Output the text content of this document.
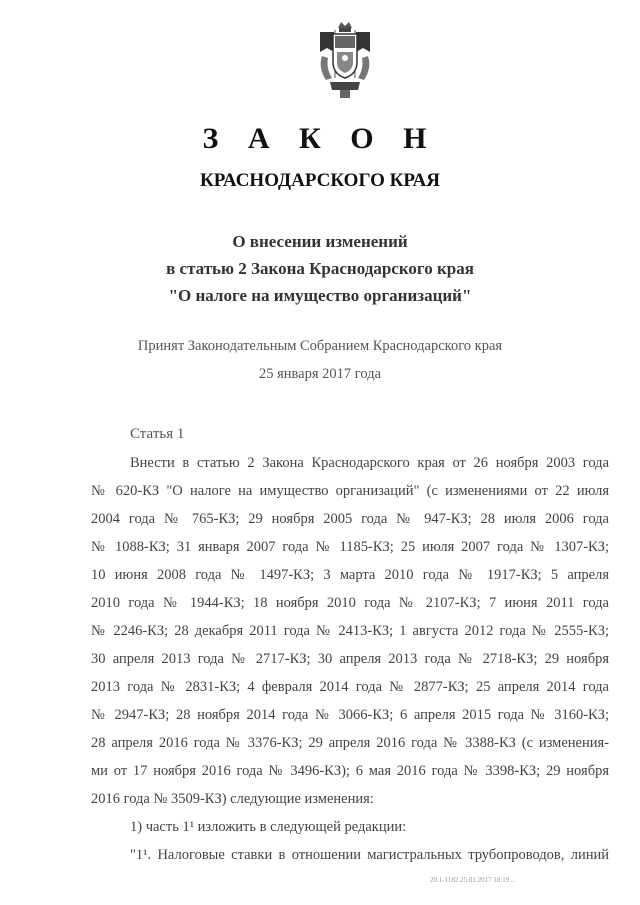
З А К О Н
КРАСНОДАРСКОГО КРАЯ
О внесении изменений
в статью 2 Закона Краснодарского края
"О налоге на имущество организаций"
Принят Законодательным Собранием Краснодарского края
25 января 2017 года
Статья 1
Внести в статью 2 Закона Краснодарского края от 26 ноября 2003 года
№ 620-КЗ "О налоге на имущество организаций" (с изменениями от 22 июля
2004 года № 765-КЗ; 29 ноября 2005 года № 947-КЗ; 28 июля 2006 года
№ 1088-КЗ; 31 января 2007 года № 1185-КЗ; 25 июля 2007 года № 1307-КЗ;
10 июня 2008 года № 1497-КЗ; 3 марта 2010 года № 1917-КЗ; 5 апреля
2010 года № 1944-КЗ; 18 ноября 2010 года № 2107-КЗ; 7 июня 2011 года
№ 2246-КЗ; 28 декабря 2011 года № 2413-КЗ; 1 августа 2012 года № 2555-КЗ;
30 апреля 2013 года № 2717-КЗ; 30 апреля 2013 года № 2718-КЗ; 29 ноября
2013 года № 2831-КЗ; 4 февраля 2014 года № 2877-КЗ; 25 апреля 2014 года
№ 2947-КЗ; 28 ноября 2014 года № 3066-КЗ; 6 апреля 2015 года № 3160-КЗ;
28 апреля 2016 года № 3376-КЗ; 29 апреля 2016 года № 3388-КЗ (с изменения-
ми от 17 ноября 2016 года № 3496-КЗ); 6 мая 2016 года № 3398-КЗ; 29 ноября
2016 года № 3509-КЗ) следующие изменения:
1) часть 1¹ изложить в следующей редакции:
"1¹. Налоговые ставки в отношении магистральных трубопроводов, линий
20.1-1182.25.01.2017 18:19 ...
